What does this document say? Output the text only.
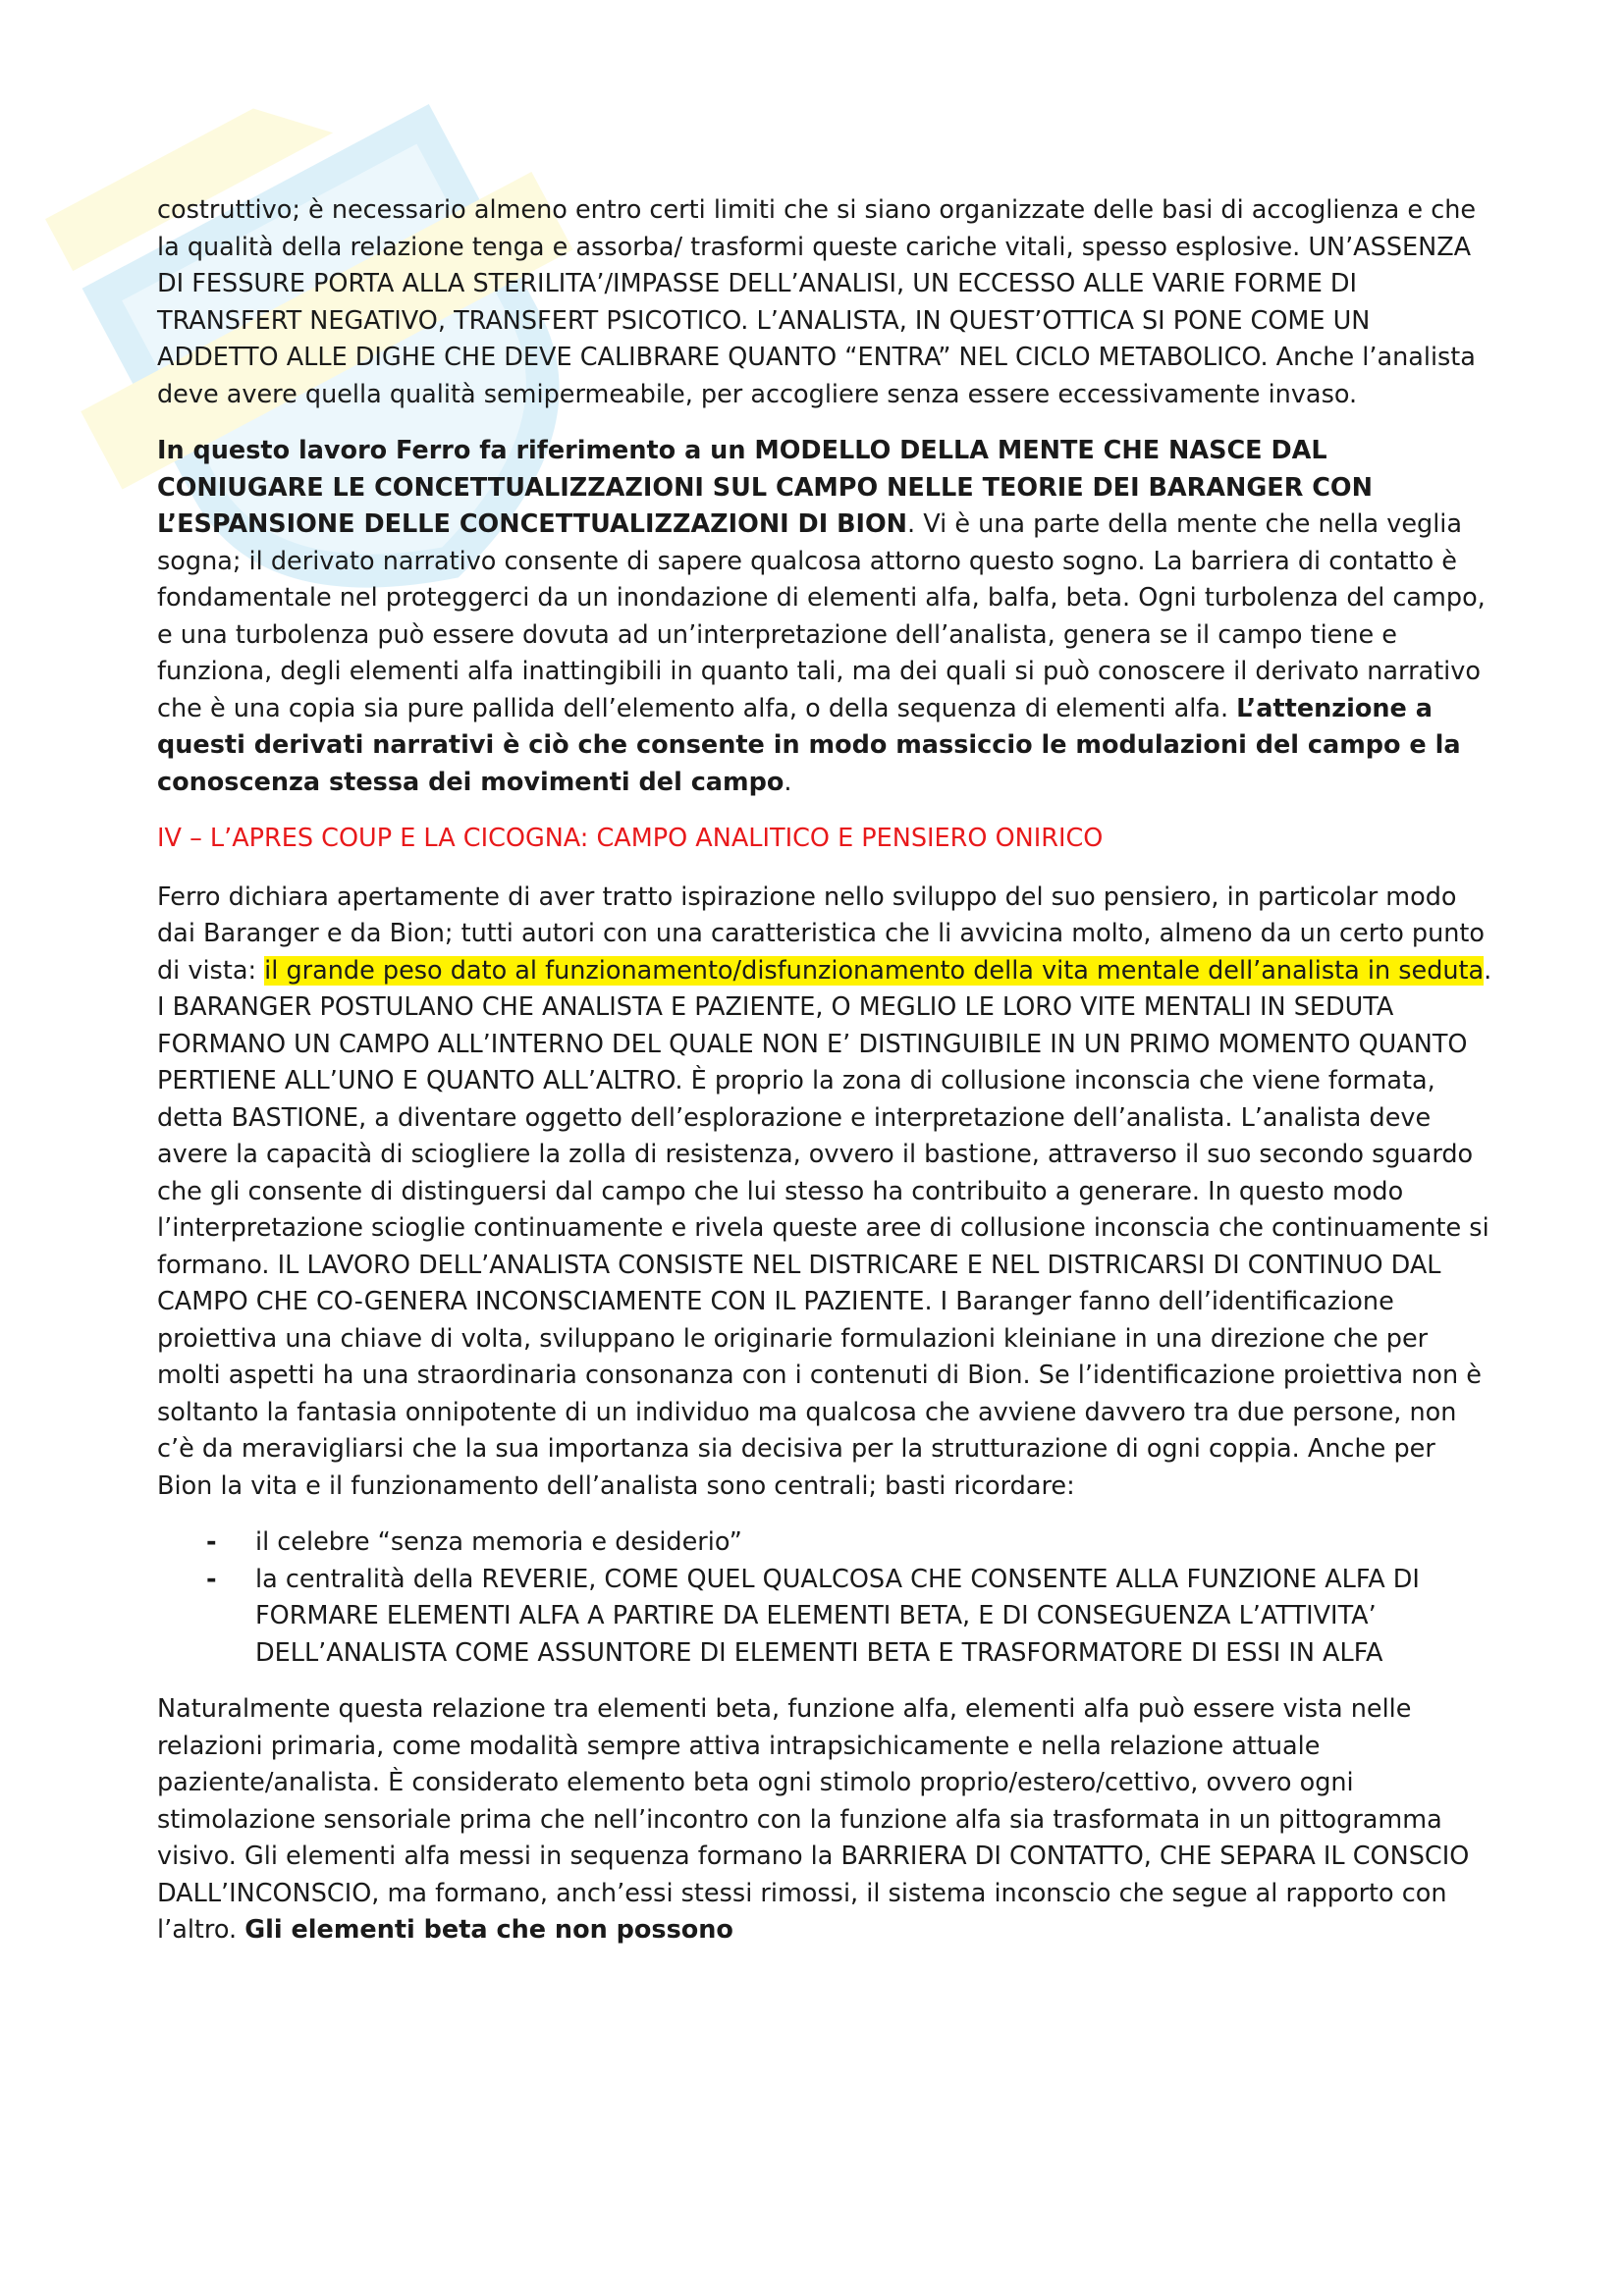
costruttivo; è necessario almeno entro certi limiti che si siano organizzate delle basi di accoglienza e che la qualità della relazione tenga e assorba/ trasformi queste cariche vitali, spesso esplosive. UN’ASSENZA DI FESSURE PORTA ALLA STERILITA’/IMPASSE DELL’ANALISI, UN ECCESSO ALLE VARIE FORME DI TRANSFERT NEGATIVO, TRANSFERT PSICOTICO. L’ANALISTA, IN QUEST’OTTICA SI PONE COME UN ADDETTO ALLE DIGHE CHE DEVE CALIBRARE QUANTO “ENTRA” NEL CICLO METABOLICO. Anche l’analista deve avere quella qualità semipermeabile, per accogliere senza essere eccessivamente invaso.

In questo lavoro Ferro fa riferimento a un MODELLO DELLA MENTE CHE NASCE DAL CONIUGARE LE CONCETTUALIZZAZIONI SUL CAMPO NELLE TEORIE DEI BARANGER CON L’ESPANSIONE DELLE CONCETTUALIZZAZIONI DI BION. Vi è una parte della mente che nella veglia sogna; il derivato narrativo consente di sapere qualcosa attorno questo sogno. La barriera di contatto è fondamentale nel proteggerci da un inondazione di elementi alfa, balfa, beta. Ogni turbolenza del campo, e una turbolenza può essere dovuta ad un’interpretazione dell’analista, genera se il campo tiene e funziona, degli elementi alfa inattingibili in quanto tali, ma dei quali si può conoscere il derivato narrativo che è una copia sia pure pallida dell’elemento alfa, o della sequenza di elementi alfa. L’attenzione a questi derivati narrativi è ciò che consente in modo massiccio le modulazioni del campo e la conoscenza stessa dei movimenti del campo.

IV – L’APRES COUP E LA CICOGNA: CAMPO ANALITICO E PENSIERO ONIRICO

Ferro dichiara apertamente di aver tratto ispirazione nello sviluppo del suo pensiero, in particolar modo dai Baranger e da Bion; tutti autori con una caratteristica che li avvicina molto, almeno da un certo punto di vista: il grande peso dato al funzionamento/disfunzionamento della vita mentale dell’analista in seduta. I BARANGER POSTULANO CHE ANALISTA E PAZIENTE, O MEGLIO LE LORO VITE MENTALI IN SEDUTA FORMANO UN CAMPO ALL’INTERNO DEL QUALE NON E’ DISTINGUIBILE IN UN PRIMO MOMENTO QUANTO PERTIENE ALL’UNO E QUANTO ALL’ALTRO. È proprio la zona di collusione inconscia che viene formata, detta BASTIONE, a diventare oggetto dell’esplorazione e interpretazione dell’analista. L’analista deve avere la capacità di sciogliere la zolla di resistenza, ovvero il bastione, attraverso il suo secondo sguardo che gli consente di distinguersi dal campo che lui stesso ha contribuito a generare. In questo modo l’interpretazione scioglie continuamente e rivela queste aree di collusione inconscia che continuamente si formano. IL LAVORO DELL’ANALISTA CONSISTE NEL DISTRICARE E NEL DISTRICARSI DI CONTINUO DAL CAMPO CHE CO-GENERA INCONSCIAMENTE CON IL PAZIENTE. I Baranger fanno dell’identificazione proiettiva una chiave di volta, sviluppano le originarie formulazioni kleiniane in una direzione che per molti aspetti ha una straordinaria consonanza con i contenuti di Bion. Se l’identificazione proiettiva non è soltanto la fantasia onnipotente di un individuo ma qualcosa che avviene davvero tra due persone, non c’è da meravigliarsi che la sua importanza sia decisiva per la strutturazione di ogni coppia. Anche per Bion la vita e il funzionamento dell’analista sono centrali; basti ricordare:

- il celebre “senza memoria e desiderio”
- la centralità della REVERIE, COME QUEL QUALCOSA CHE CONSENTE ALLA FUNZIONE ALFA DI FORMARE ELEMENTI ALFA A PARTIRE DA ELEMENTI BETA, E DI CONSEGUENZA L’ATTIVITA’ DELL’ANALISTA COME ASSUNTORE DI ELEMENTI BETA E TRASFORMATORE DI ESSI IN ALFA

Naturalmente questa relazione tra elementi beta, funzione alfa, elementi alfa può essere vista nelle relazioni primaria, come modalità sempre attiva intrapsichicamente e nella relazione attuale paziente/analista. È considerato elemento beta ogni stimolo proprio/estero/cettivo, ovvero ogni stimolazione sensoriale prima che nell’incontro con la funzione alfa sia trasformata in un pittogramma visivo. Gli elementi alfa messi in sequenza formano la BARRIERA DI CONTATTO, CHE SEPARA IL CONSCIO DALL’INCONSCIO, ma formano, anch’essi stessi rimossi, il sistema inconscio che segue al rapporto con l’altro. Gli elementi beta che non possono
